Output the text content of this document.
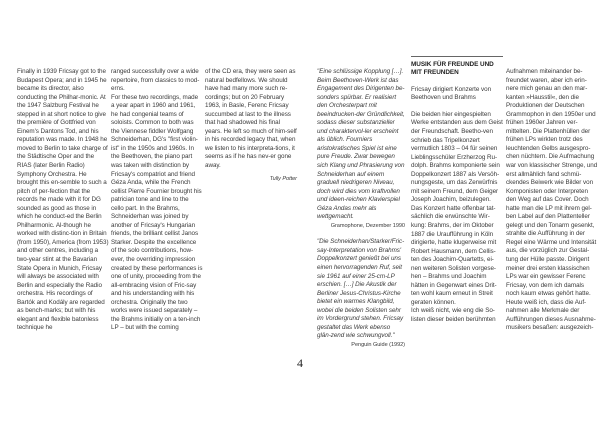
Finally in 1939 Fricsay got to the Budapest Opera; and in 1945 he became its director, also conducting the Philhar-monic. At the 1947 Salzburg Festival he stepped in at short notice to give the première of Gottfried von Einem's Dantons Tod, and his reputation was made. In 1948 he moved to Berlin to take charge of the Städtische Oper and the RIAS (later Berlin Radio) Symphony Orchestra. He brought this en-semble to such a pitch of per-fection that the records he made with it for DG sounded as good as those in which he conduct-ed the Berlin Philharmonic. Al-though he worked with distinc-tion in Britain (from 1950), America (from 1953) and other centres, including a two-year stint at the Bavarian State Opera in Munich, Fricsay will always be associated with Berlin and especially the Radio orchestra. His recordings of Bartók and Kodály are regarded as bench-marks; but with his elegant and flexible batonless technique he

ranged successfully over a wide repertoire, from classics to mod-erns.

For these two recordings, made a year apart in 1960 and 1961, he had congenial teams of soloists. Common to both was the Viennese fiddler Wolfgang Schneiderhan, DG's "first violin-ist" in the 1950s and 1960s. In the Beethoven, the piano part was taken with distinction by Fricsay's compatriot and friend Géza Anda, while the French cellist Pierre Fournier brought his patrician tone and line to the cello part. In the Brahms, Schneiderhan was joined by another of Fricsay's Hungarian friends, the brilliant cellist Janos Starker. Despite the excellence of the solo contributions, how-ever, the overriding impression created by these performances is one of unity, proceeding from the all-embracing vision of Fric-say and his understanding with his orchestra. Originally the two works were issued separately – the Brahms initially on a ten-inch LP – but with the coming

of the CD era, they were seen as natural bedfellows. We should have had many more such re-cordings; but on 20 February 1963, in Basle, Ferenc Fricsay succumbed at last to the illness that had shadowed his final years. He left so much of him-self in his recorded legacy that, when we listen to his interpreta-tions, it seems as if he has nev-er gone away.

Tully Potter

"Eine schlüssige Kopplung […]. Beim Beethoven-Werk ist das Engagement des Dirigenten be-sonders spürbar. Er realisiert den Orchesterpart mit beeindrucken-der Gründlichkeit, sodass dieser substanzieller und charaktervol-ler erscheint als üblich. Fourniers aristokratisches Spiel ist eine pure Freude. Zwar bewegen sich Klang und Phrasierung von Schneiderhan auf einem graduell niedrigeren Niveau, doch wird dies vom kraftvollen und ideen-reichen Klavierspiel Géza Andas mehr als wettgemacht.

Gramophone, Dezember 1990

"Die Schneiderhan/Starker/Fric-say-Interpretation von Brahms' Doppelkonzert genießt bei uns einen hervorragenden Ruf, seit sie 1961 auf einer 25-cm-LP erschien. […] Die Akustik der Berliner Jesus-Christus-Kirche bietet ein warmes Klangbild, wobei die beiden Solisten sehr im Vordergrund stehen. Fricsay gestaltet das Werk ebenso glän-zend wie schwungvoll."

Penguin Guide (1992)

MUSIK FÜR FREUNDE UND MIT FREUNDEN

Fricsay dirigiert Konzerte von Beethoven und Brahms

Die beiden hier eingespielten Werke entstanden aus dem Geist der Freundschaft. Beetho-ven schrieb das Tripelkonzert vermutlich 1803 – 04 für seinen Lieblingsschüler Erzherzog Ru-dolph. Brahms komponierte sein Doppelkonzert 1887 als Versöh-nungsgeste, um das Zerwürfnis mit seinem Freund, dem Geiger Joseph Joachim, beizulegen. Das Konzert hatte offenbar tat-sächlich die erwünschte Wir-kung: Brahms, der im Oktober 1887 die Uraufführung in Köln dirigierte, hatte klugerweise mit Robert Hausmann, dem Cellis-ten des Joachim-Quartetts, ei-nen weiteren Solisten vorgese-hen – Brahms und Joachim hätten in Gegenwart eines Drit-ten wohl kaum erneut in Streit geraten können.

Ich weiß nicht, wie eng die So-listen dieser beiden berühmten

Aufnahmen miteinander be-freundet waren, aber ich erin-nere mich genau an den mar-kanten »Hausstil«, den die Produktionen der Deutschen Grammophon in den 1950er und frühen 1960er Jahren ver-mittelten. Die Plattenhüllen der frühen LPs wirkten trotz des leuchtenden Gelbs ausgespro-chen nüchtern. Die Aufmachung war von klassischer Strenge, und erst allmählich fand schmü-ckendes Beiwerk wie Bilder von Komponisten oder Interpreten den Weg auf das Cover. Doch hatte man die LP mit ihrem gel-ben Label auf den Plattenteller gelegt und den Tonarm gesenkt, strahlte die Aufführung in der Regel eine Wärme und Intensität aus, die vorzüglich zur Gestal-tung der Hülle passte. Dirigent meiner drei ersten klassischen LPs war ein gewisser Ferenc Fricsay, von dem ich damals noch kaum etwas gehört hatte. Heute weiß ich, dass die Auf-nahmen alle Merkmale der Aufführungen dieses Ausnahme-musikers besaßen: ausgezeich-

4
